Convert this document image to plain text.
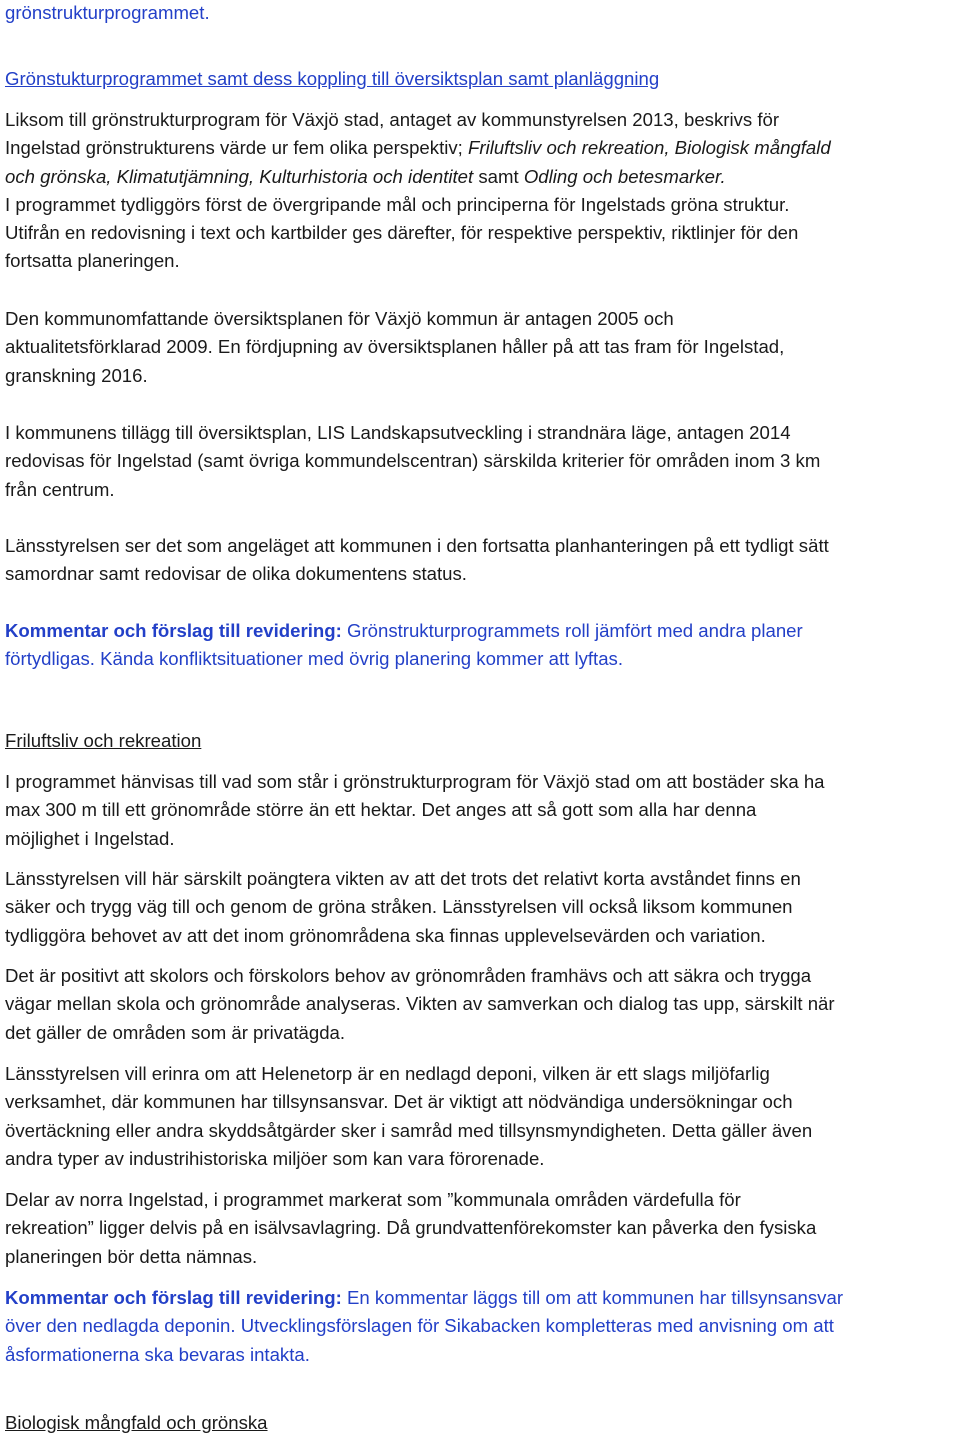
grönstrukturprogrammet.
Grönstukturprogrammet samt dess koppling till översiktsplan samt planläggning
Liksom till grönstrukturprogram för Växjö stad, antaget av kommunstyrelsen 2013, beskrivs för
Ingelstad grönstrukturens värde ur fem olika perspektiv; Friluftsliv och rekreation, Biologisk mångfald
och grönska, Klimatutjämning, Kulturhistoria och identitet samt Odling och betesmarker.
I programmet tydliggörs först de övergripande mål och principerna för Ingelstads gröna struktur.
Utifrån en redovisning i text och kartbilder ges därefter, för respektive perspektiv, riktlinjer för den
fortsatta planeringen.
Den kommunomfattande översiktsplanen för Växjö kommun är antagen 2005 och
aktualitetsförklarad 2009. En fördjupning av översiktsplanen håller på att tas fram för Ingelstad,
granskning 2016.
I kommunens tillägg till översiktsplan, LIS Landskapsutveckling i strandnära läge, antagen 2014
redovisas för Ingelstad (samt övriga kommundelscentran) särskilda kriterier för områden inom 3 km
från centrum.
Länsstyrelsen ser det som angeläget att kommunen i den fortsatta planhanteringen på ett tydligt sätt
samordnar samt redovisar de olika dokumentens status.
Kommentar och förslag till revidering: Grönstrukturprogrammets roll jämfört med andra planer
förtydligas. Kända konfliktsituationer med övrig planering kommer att lyftas.
Friluftsliv och rekreation
I programmet hänvisas till vad som står i grönstrukturprogram för Växjö stad om att bostäder ska ha
max 300 m till ett grönområde större än ett hektar. Det anges att så gott som alla har denna
möjlighet i Ingelstad.
Länsstyrelsen vill här särskilt poängtera vikten av att det trots det relativt korta avståndet finns en
säker och trygg väg till och genom de gröna stråken. Länsstyrelsen vill också liksom kommunen
tydliggöra behovet av att det inom grönområdena ska finnas upplevelsevärden och variation.
Det är positivt att skolors och förskolors behov av grönområden framhävs och att säkra och trygga
vägar mellan skola och grönområde analyseras. Vikten av samverkan och dialog tas upp, särskilt när
det gäller de områden som är privatägda.
Länsstyrelsen vill erinra om att Helenetorp är en nedlagd deponi, vilken är ett slags miljöfarlig
verksamhet, där kommunen har tillsynsansvar. Det är viktigt att nödvändiga undersökningar och
övertäckning eller andra skyddsåtgärder sker i samråd med tillsynsmyndigheten. Detta gäller även
andra typer av industrihistoriska miljöer som kan vara förorenade.
Delar av norra Ingelstad, i programmet markerat som ”kommunala områden värdefulla för
rekreation” ligger delvis på en isälvsavlagring. Då grundvattenförekomster kan påverka den fysiska
planeringen bör detta nämnas.
Kommentar och förslag till revidering: En kommentar läggs till om att kommunen har tillsynsansvar
över den nedlagda deponin. Utvecklingsförslagen för Sikabacken kompletteras med anvisning om att
åsformationerna ska bevaras intakta.
Biologisk mångfald och grönska
